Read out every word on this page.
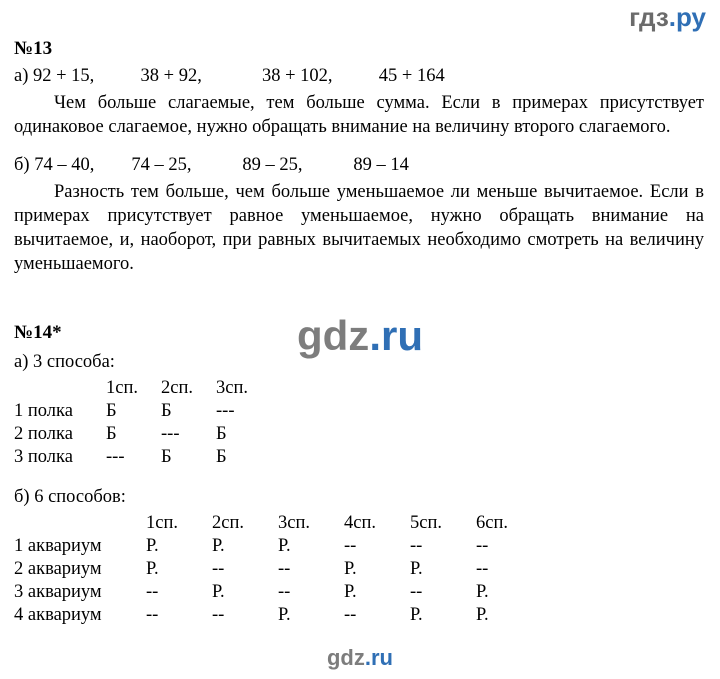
гдз.ру
№13
а) 92 + 15,          38 + 92,             38 + 102,          45 + 164
Чем больше слагаемые, тем больше сумма. Если в примерах присутствует одинаковое слагаемое, нужно обращать внимание на величину второго слагаемого.
б) 74 – 40,        74 – 25,           89 – 25,           89 – 14
Разность тем больше, чем больше уменьшаемое ли меньше вычитаемое. Если в примерах присутствует равное уменьшаемое, нужно обращать внимание на вычитаемое, и, наоборот, при равных вычитаемых необходимо смотреть на величину уменьшаемого.
№14*
а) 3 способа:
	1сп.	2сп.	3сп.
1 полка	Б	Б	---
2 полка	Б	---	Б
3 полка	---	Б	Б
б) 6 способов:
	1сп.	2сп.	3сп.	4сп.	5сп.	6сп.
1 аквариум	Р.	Р.	Р.	--	--	--
2 аквариум	Р.	--	--	Р.	Р.	--
3 аквариум	--	Р.	--	Р.	--	Р.
4 аквариум	--	--	Р.	--	Р.	Р.
gdz.ru
gdz.ru
